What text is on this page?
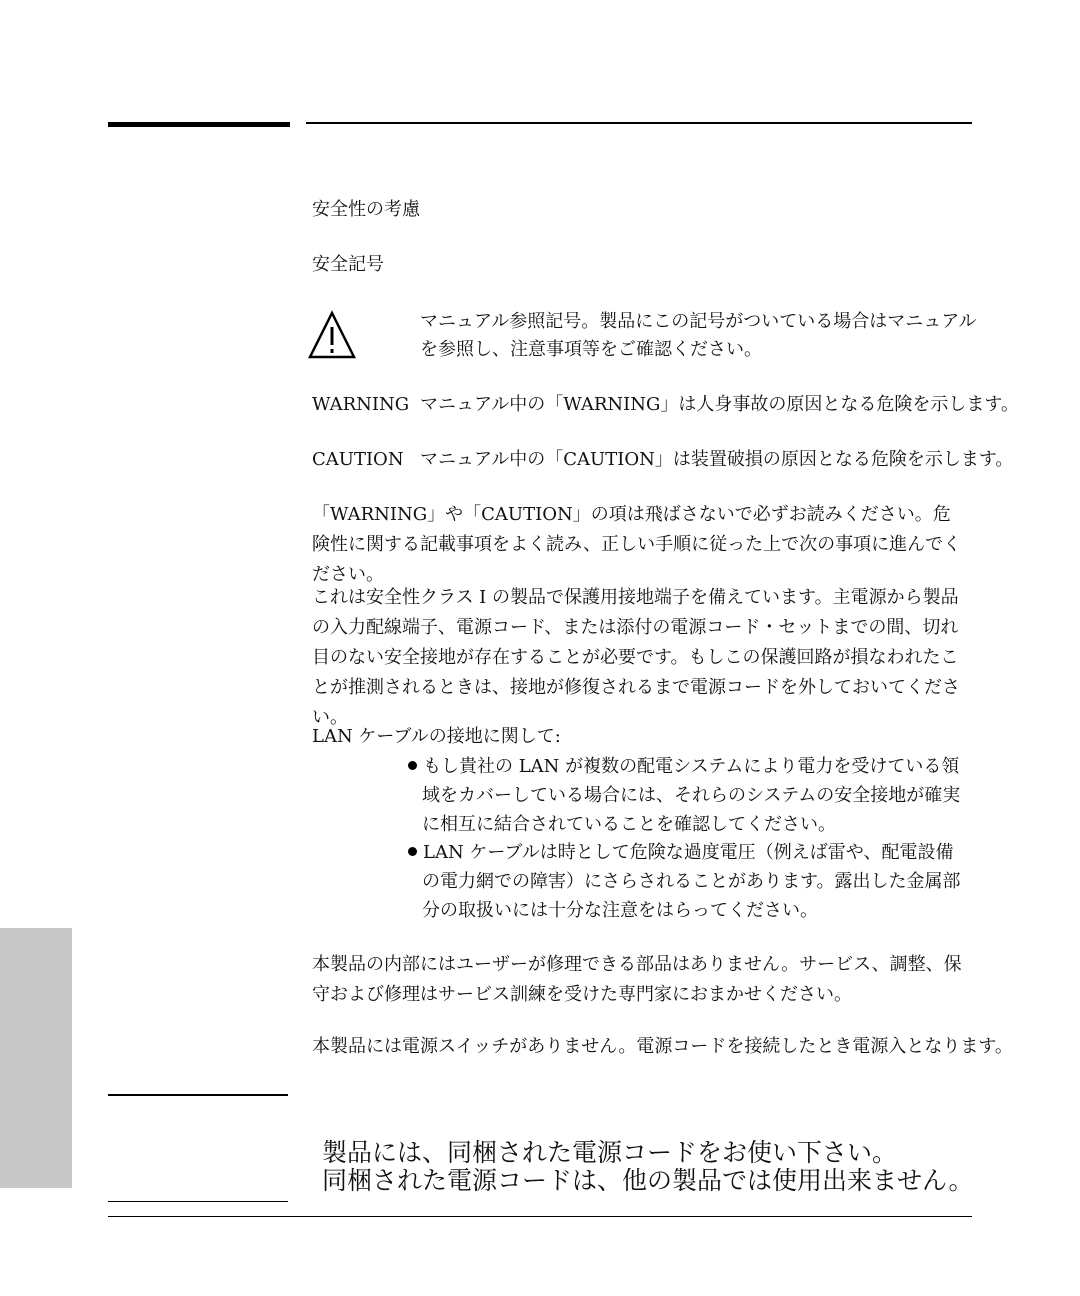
安全性の考慮
安全記号
マニュアル参照記号。製品にこの記号がついている場合はマニュアル
を参照し、注意事項等をご確認ください。
WARNING マニュアル中の「WARNING」は人身事故の原因となる危険を示します。
CAUTION マニュアル中の「CAUTION」は装置破損の原因となる危険を示します。
「WARNING」や「CAUTION」の項は飛ばさないで必ずお読みください。危険性に関する記載事項をよく読み、正しい手順に従った上で次の事項に進んでください。
これは安全性クラス I の製品で保護用接地端子を備えています。主電源から製品の入力配線端子、電源コード、または添付の電源コード・セットまでの間、切れ目のない安全接地が存在することが必要です。もしこの保護回路が損なわれたことが推測されるときは、接地が修復されるまで電源コードを外しておいてください。
LAN ケーブルの接地に関して:
もし貴社の LAN が複数の配電システムにより電力を受けている領域をカバーしている場合には、それらのシステムの安全接地が確実に相互に結合されていることを確認してください。
LAN ケーブルは時として危険な過度電圧（例えば雷や、配電設備の電力網での障害）にさらされることがあります。露出した金属部分の取扱いには十分な注意をはらってください。
本製品の内部にはユーザーが修理できる部品はありません。サービス、調整、保守および修理はサービス訓練を受けた専門家におまかせください。
本製品には電源スイッチがありません。電源コードを接続したとき電源入となります。
製品には、同梱された電源コードをお使い下さい。
同梱された電源コードは、他の製品では使用出来ません。
